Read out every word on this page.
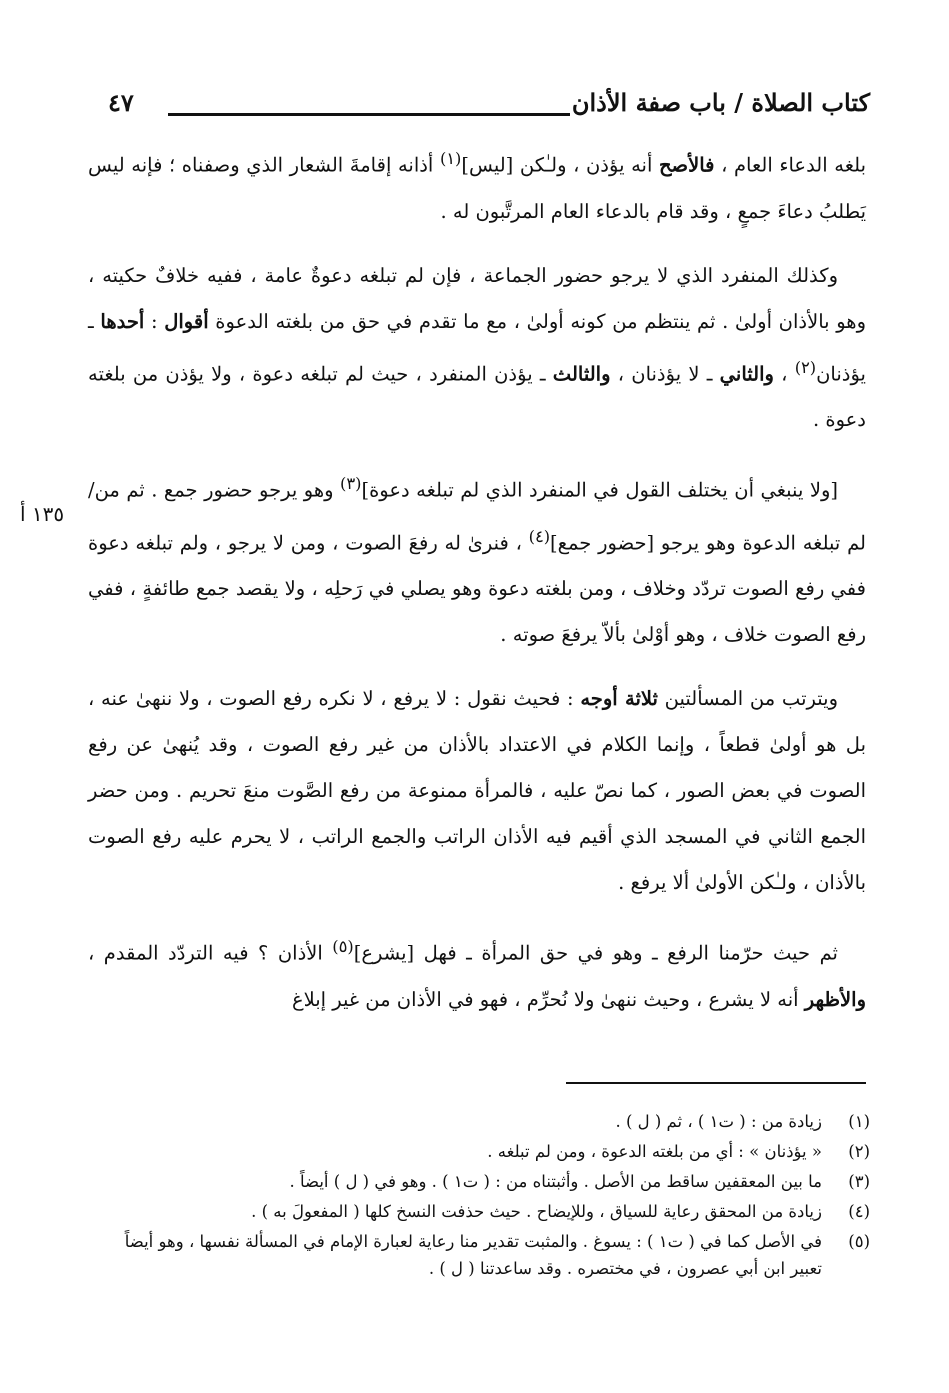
كتاب الصلاة / باب صفة الأذان
٤٧

بلغه الدعاء العام ، فالأصح أنه يؤذن ، ولـٰكن [ليس]$^{(١)}$ أذانه إقامةَ الشعار الذي وصفناه ؛ فإنه ليس يَطلبُ دعاءَ جمعٍ ، وقد قام بالدعاء العام المرتَّبون له .

وكذلك المنفرد الذي لا يرجو حضور الجماعة ، فإن لم تبلغه دعوةٌ عامة ، ففيه خلافٌ حكيته ، وهو بالأذان أولىٰ . ثم ينتظم من كونه أولىٰ ، مع ما تقدم في حق من بلغته الدعوة أقوال : أحدها ـ يؤذنان$^{(٢)}$ ، والثاني ـ لا يؤذنان ، والثالث ـ يؤذن المنفرد ، حيث لم تبلغه دعوة ، ولا يؤذن من بلغته دعوة .

[ولا ينبغي أن يختلف القول في المنفرد الذي لم تبلغه دعوة]$^{(٣)}$ وهو يرجو حضور جمع . ثم من/ لم تبلغه الدعوة وهو يرجو [حضور جمع]$^{(٤)}$ ، فنرىٰ له رفعَ الصوت ، ومن لا يرجو ، ولم تبلغه دعوة ففي رفع الصوت تردّد وخلاف ، ومن بلغته دعوة وهو يصلي في رَحلِه ، ولا يقصد جمع طائفةٍ ، ففي رفع الصوت خلاف ، وهو أوْلىٰ بألاّ يرفعَ صوته .

ويترتب من المسألتين ثلاثة أوجه : فحيث نقول : لا يرفع ، لا نكره رفع الصوت ، ولا ننهىٰ عنه ، بل هو أولىٰ قطعاً ، وإنما الكلام في الاعتداد بالأذان من غير رفع الصوت ، وقد يُنهىٰ عن رفع الصوت في بعض الصور ، كما نصّ عليه ، فالمرأة ممنوعة من رفع الصَّوت منعَ تحريم . ومن حضر الجمع الثاني في المسجد الذي أقيم فيه الأذان الراتب والجمع الراتب ، لا يحرم عليه رفع الصوت بالأذان ، ولـٰكن الأولىٰ ألا يرفع .

ثم حيث حرّمنا الرفع ـ وهو في حق المرأة ـ فهل [يشرع]$^{(٥)}$ الأذان ؟ فيه التردّد المقدم ، والأظهر أنه لا يشرع ، وحيث ننهىٰ ولا نُحرِّم ، فهو في الأذان من غير إبلاغ

١٣٥ أ
(١)
زيادة من : ( ت١ ) ، ثم ( ل ) .
(٢)
« يؤذنان » : أي من بلغته الدعوة ، ومن لم تبلغه .
(٣)
ما بين المعقفين ساقط من الأصل . وأثبتناه من : ( ت١ ) . وهو في ( ل ) أيضاً .
(٤)
زيادة من المحقق رعاية للسياق ، وللإيضاح . حيث حذفت النسخ كلها ( المفعولَ به ) .
(٥)
في الأصل كما في ( ت١ ) : يسوغ . والمثبت تقدير منا رعاية لعبارة الإمام في المسألة نفسها ، وهو أيضاً تعبير ابن أبي عصرون ، في مختصره . وقد ساعدتنا ( ل ) .
